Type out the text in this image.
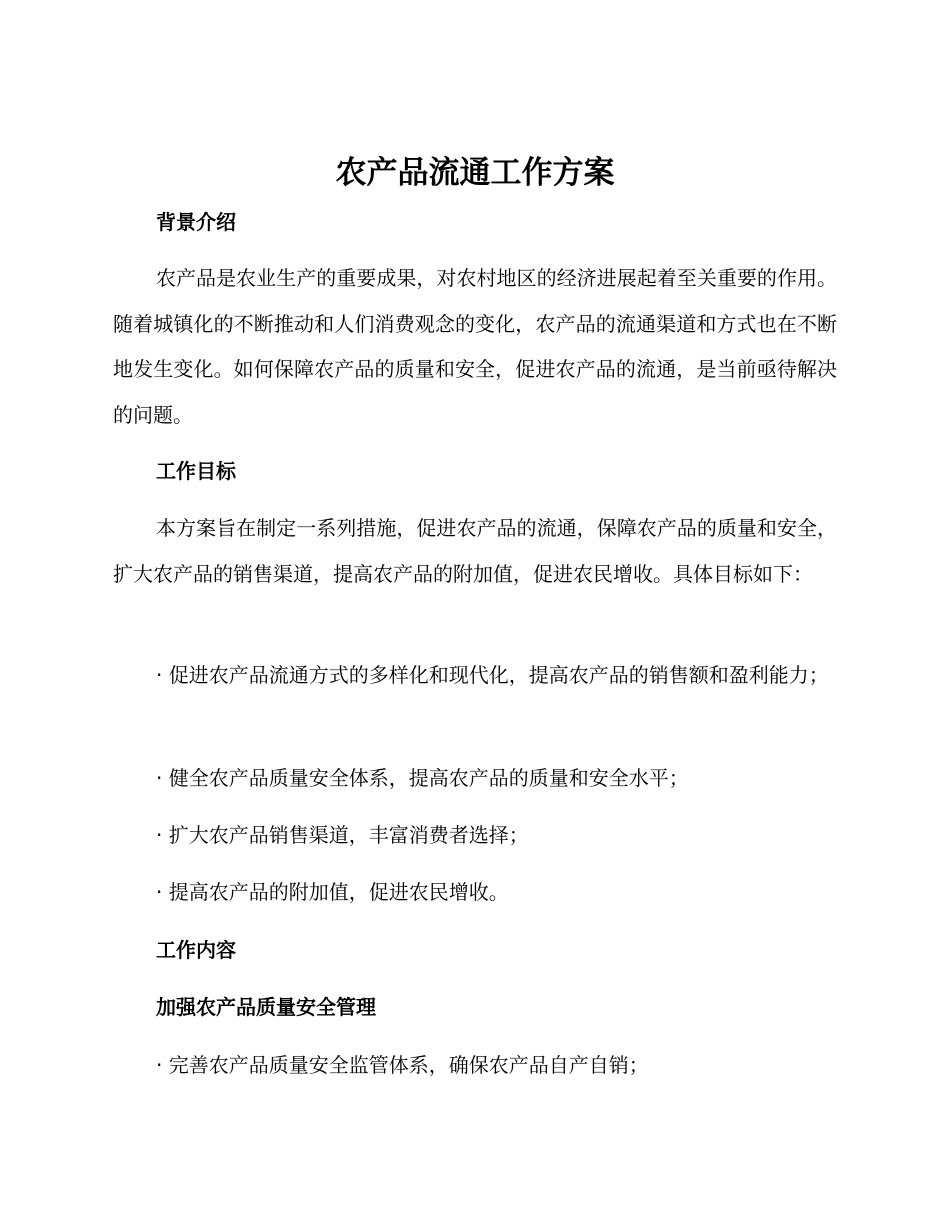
农产品流通工作方案
背景介绍

农产品是农业生产的重要成果，对农村地区的经济进展起着至关重要的作用。随着城镇化的不断推动和人们消费观念的变化，农产品的流通渠道和方式也在不断地发生变化。如何保障农产品的质量和安全，促进农产品的流通，是当前亟待解决的问题。

工作目标

本方案旨在制定一系列措施，促进农产品的流通，保障农产品的质量和安全， 扩大农产品的销售渠道，提高农产品的附加值，促进农民增收。具体目标如下：

· 促进农产品流通方式的多样化和现代化，提高农产品的销售额和盈利能力；

· 健全农产品质量安全体系，提高农产品的质量和安全水平；

· 扩大农产品销售渠道，丰富消费者选择；

· 提高农产品的附加值，促进农民增收。

工作内容
加强农产品质量安全管理

· 完善农产品质量安全监管体系，确保农产品自产自销；
